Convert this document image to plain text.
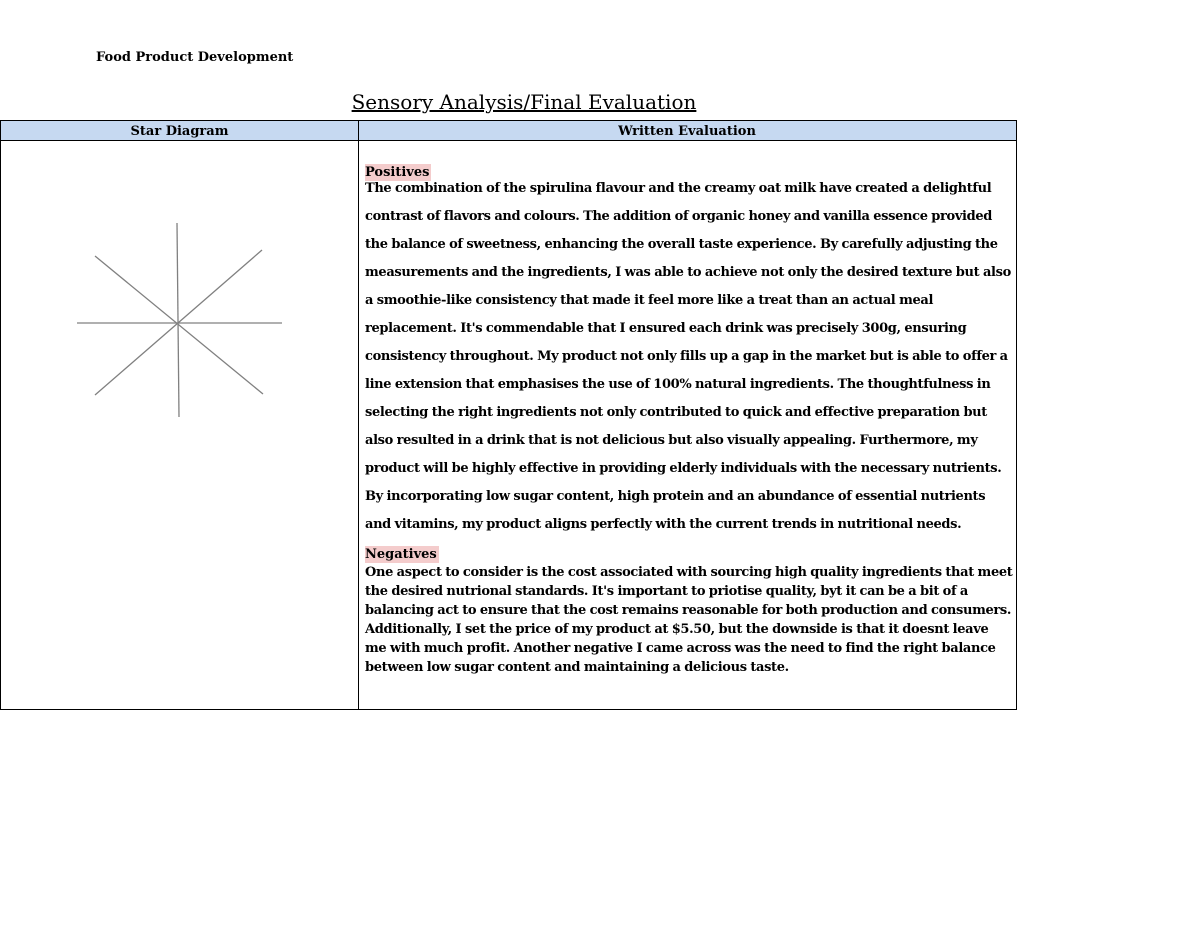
Food Product Development
Sensory Analysis/Final Evaluation
Star Diagram	Written Evaluation
Positives

The combination of the spirulina flavour and the creamy oat milk have created a delightful contrast of flavors and colours. The addition of organic honey and vanilla essence provided the balance of sweetness, enhancing the overall taste experience. By carefully adjusting the measurements and the ingredients, I was able to achieve not only the desired texture but also a smoothie-like consistency that made it feel more like a treat than an actual meal replacement. It's commendable that I ensured each drink was precisely 300g, ensuring consistency throughout. My product not only fills up a gap in the market but is able to offer a line extension that emphasises the use of 100% natural ingredients. The thoughtfulness in selecting the right ingredients not only contributed to quick and effective preparation but also resulted in a drink that is not delicious but also visually appealing. Furthermore, my product will be highly effective in providing elderly individuals with the necessary nutrients. By incorporating low sugar content, high protein and an abundance of essential nutrients and vitamins, my product aligns perfectly with the current trends in nutritional needs.

Negatives

One aspect to consider is the cost associated with sourcing high quality ingredients that meet the desired nutrional standards. It's important to priotise quality, byt it can be a bit of a balancing act to ensure that the cost remains reasonable for both production and consumers. Additionally, I set the price of my product at $5.50, but the downside is that it doesnt leave me with much profit. Another negative I came across was the need to find the right balance between low sugar content and maintaining a delicious taste.
